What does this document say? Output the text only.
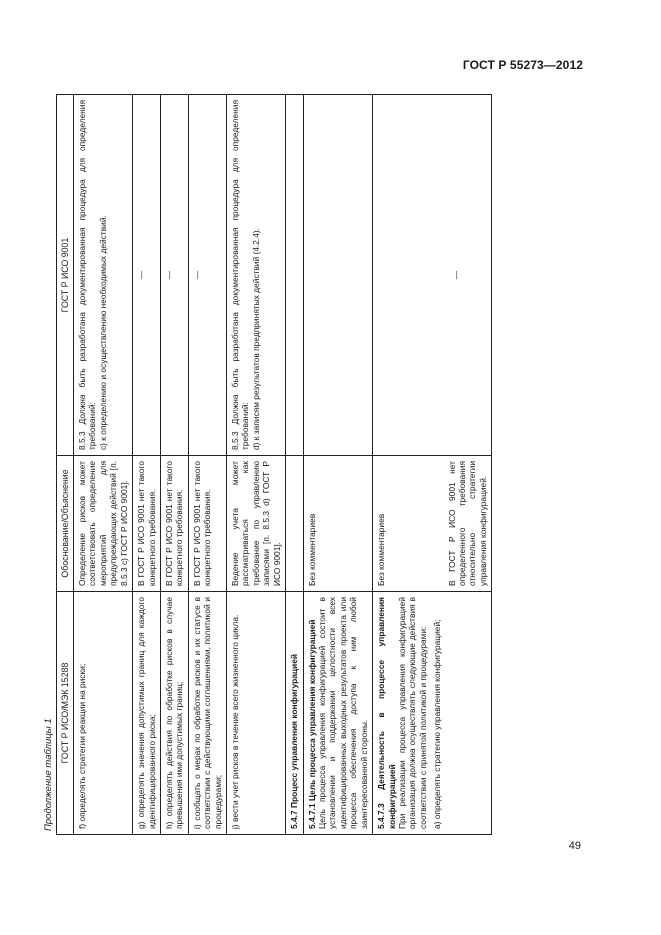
ГОСТ Р 55273—2012
Продолжение таблицы 1
ГОСТ Р ИСО/МЭК 15288	Обоснование/Объяснение	ГОСТ Р ИСО 9001
f) определять стратегии реакции на риски;	Определение рисков может соответствовать определение мероприятий для предупреждающих действий [п. 8.5.3 c) ГОСТ Р ИСО 9001].	8.5.3 Должна быть разработана документированная процедура для определения требований: c) к определению и осуществлению необходимых действий.

g) определять значения допустимых границ для каждого идентифицированного риска;	В ГОСТ Р ИСО 9001 нет такого конкретного требования.	—
h) определять действия по обработке рисков в случае превышения ими допустимых границ;	В ГОСТ Р ИСО 9001 нет такого конкретного требования.	—
i) сообщать о мерах по обработке рисков и их статусе в соответствии с действующими соглашениями, политикой и процедурами;	В ГОСТ Р ИСО 9001 нет такого конкретного требования.	—
j) вести учет рисков в течение всего жизненного цикла.	Ведение учета может рассматриваться как требование по управлению записями [п. 8.5.3 d) ГОСТ Р ИСО 9001].	8.5.3 Должна быть разработана документированная процедура для определения требований: d) к записям результатов предпринятых действий (4.2.4).

5.4.7 Процесс управления конфигурацией		

5.4.7.1 Цель процесса управления конфигурацией Цель процесса управления конфигурацией состоит в установлении и поддержании целостности всех идентифицированных выходных результатов проекта или процесса обеспечения доступа к ним любой заинтересованной стороны.	Без комментариев	

5.4.7.3 Деятельность в процессе управления конфигурацией При реализации процесса управления конфигурацией организация должна осуществлять следующие действия в соответствии с принятой политикой и процедурами: a) определять стратегию управления конфигурацией;	Без комментариев В ГОСТ Р ИСО 9001 нет определенного требования относительно стратегии управления конфигурацией.	—
49
